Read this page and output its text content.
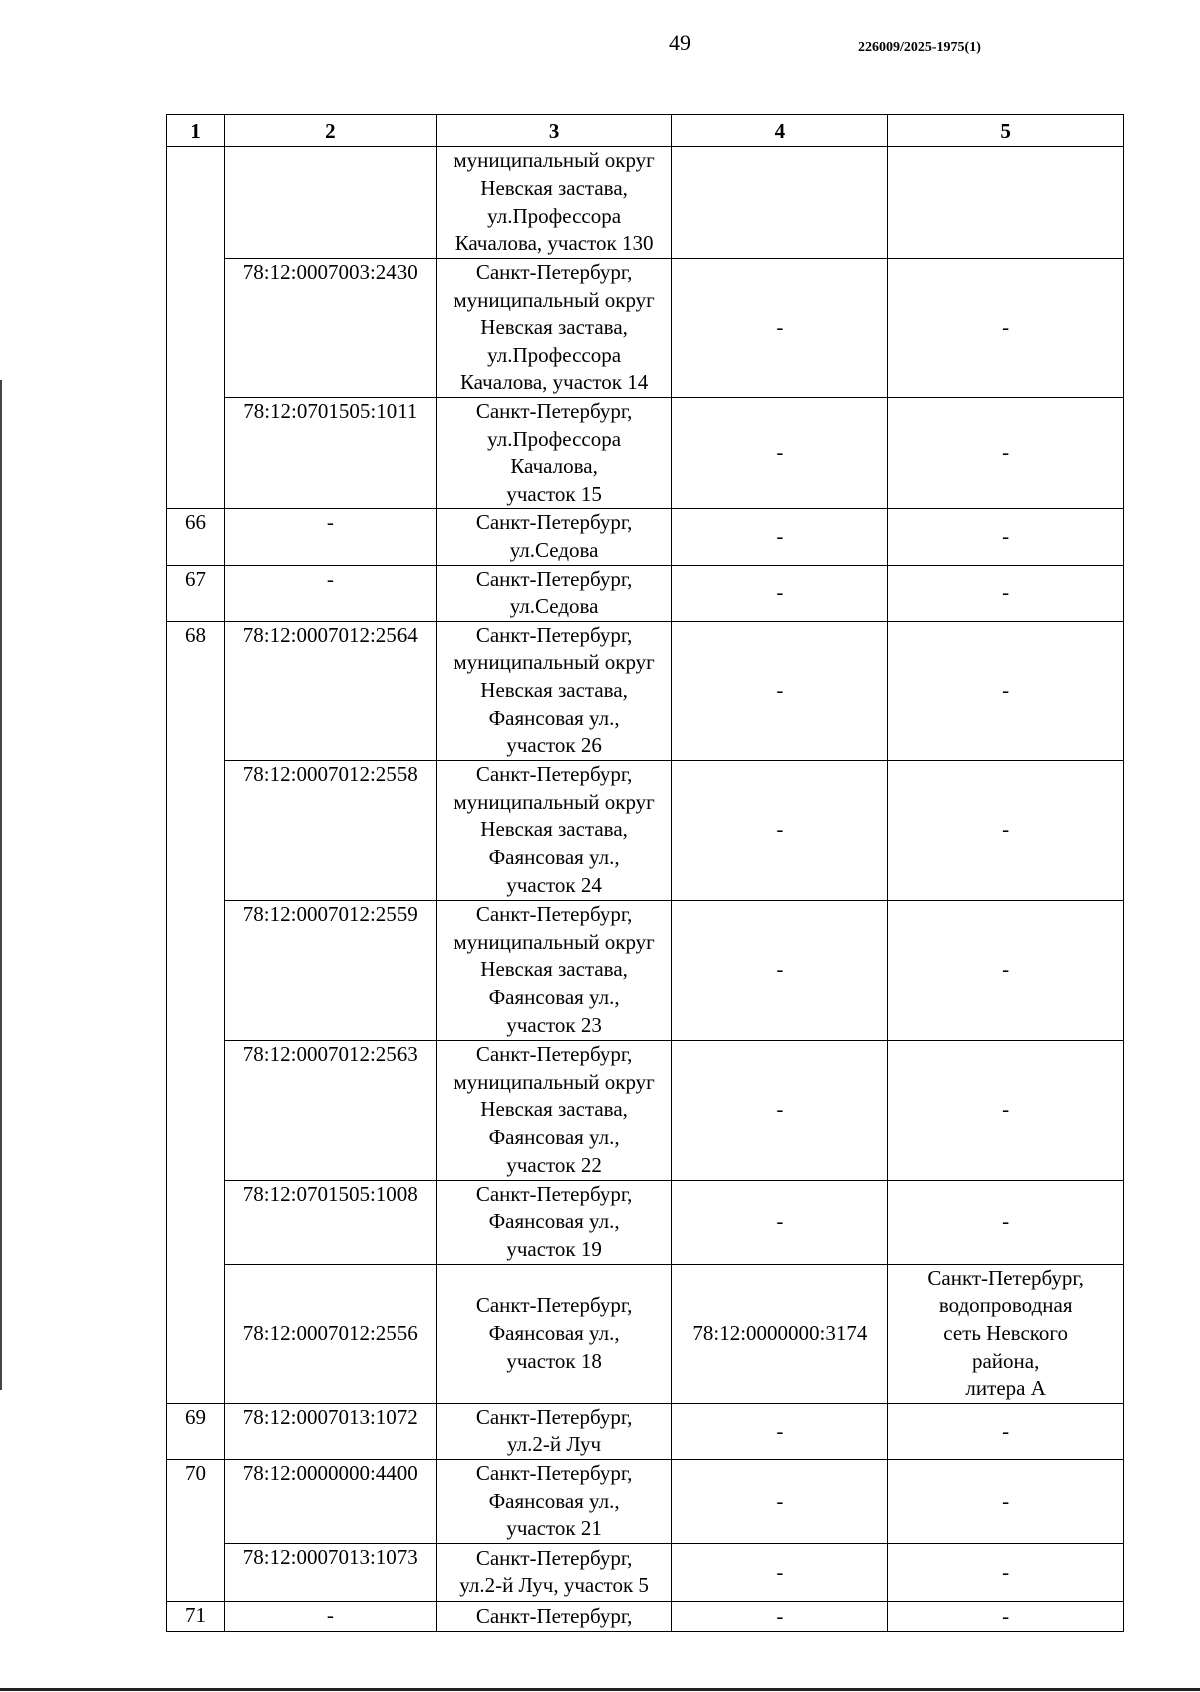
49	226009/2025-1975(1)
1	2	3	4	5
		муниципальный округ
Невская застава,
ул.Профессора
Качалова, участок 130		
	78:12:0007003:2430	Санкт-Петербург,
муниципальный округ
Невская застава,
ул.Профессора
Качалова, участок 14	-	-
	78:12:0701505:1011	Санкт-Петербург,
ул.Профессора
Качалова,
участок 15	-	-
66	-	Санкт-Петербург,
ул.Седова	-	-
67	-	Санкт-Петербург,
ул.Седова	-	-
68	78:12:0007012:2564	Санкт-Петербург,
муниципальный округ
Невская застава,
Фаянсовая ул.,
участок 26	-	-
	78:12:0007012:2558	Санкт-Петербург,
муниципальный округ
Невская застава,
Фаянсовая ул.,
участок 24	-	-
	78:12:0007012:2559	Санкт-Петербург,
муниципальный округ
Невская застава,
Фаянсовая ул.,
участок 23	-	-
	78:12:0007012:2563	Санкт-Петербург,
муниципальный округ
Невская застава,
Фаянсовая ул.,
участок 22	-	-
	78:12:0701505:1008	Санкт-Петербург,
Фаянсовая ул.,
участок 19	-	-
	78:12:0007012:2556	Санкт-Петербург,
Фаянсовая ул.,
участок 18	78:12:0000000:3174	Санкт-Петербург,
водопроводная
сеть Невского
района,
литера А
69	78:12:0007013:1072	Санкт-Петербург,
ул.2-й Луч	-	-
70	78:12:0000000:4400	Санкт-Петербург,
Фаянсовая ул.,
участок 21	-	-
	78:12:0007013:1073	Санкт-Петербург,
ул.2-й Луч, участок 5	-	-
71	-	Санкт-Петербург,	-	-
